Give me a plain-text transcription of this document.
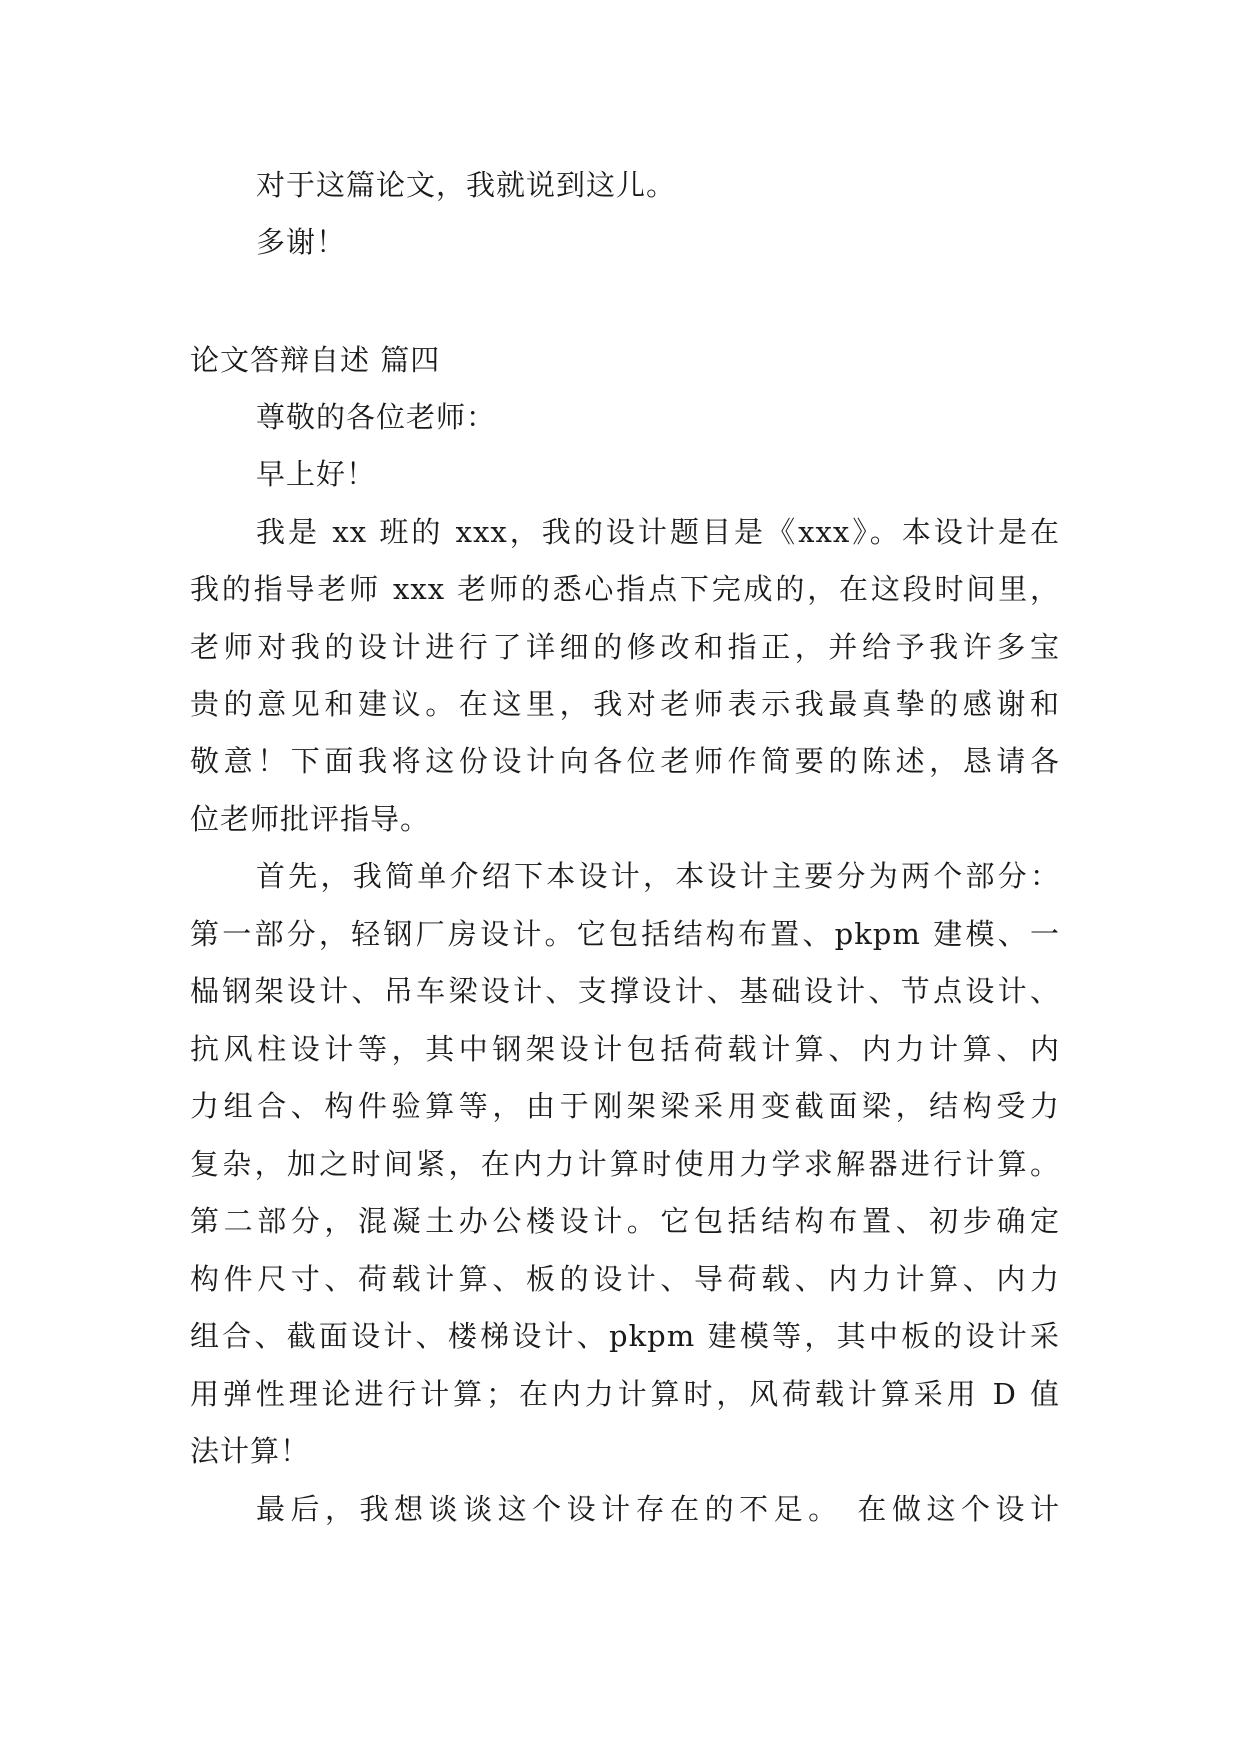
对于这篇论文，我就说到这儿。
多谢！
论文答辩自述 篇四
尊敬的各位老师：
早上好！
我是 xx 班的 xxx，我的设计题目是《xxx》。本设计是在
我的指导老师 xxx 老师的悉心指点下完成的，在这段时间里，
老师对我的设计进行了详细的修改和指正，并给予我许多宝
贵的意见和建议。在这里，我对老师表示我最真挚的感谢和
敬意！下面我将这份设计向各位老师作简要的陈述，恳请各
位老师批评指导。
首先，我简单介绍下本设计，本设计主要分为两个部分：
第一部分，轻钢厂房设计。它包括结构布置、pkpm 建模、一
榀钢架设计、吊车梁设计、支撑设计、基础设计、节点设计、
抗风柱设计等，其中钢架设计包括荷载计算、内力计算、内
力组合、构件验算等，由于刚架梁采用变截面梁，结构受力
复杂，加之时间紧，在内力计算时使用力学求解器进行计算。
第二部分，混凝土办公楼设计。它包括结构布置、初步确定
构件尺寸、荷载计算、板的设计、导荷载、内力计算、内力
组合、截面设计、楼梯设计、pkpm 建模等，其中板的设计采
用弹性理论进行计算；在内力计算时，风荷载计算采用 D 值
法计算！
最后，我想谈谈这个设计存在的不足。 在做这个设计
